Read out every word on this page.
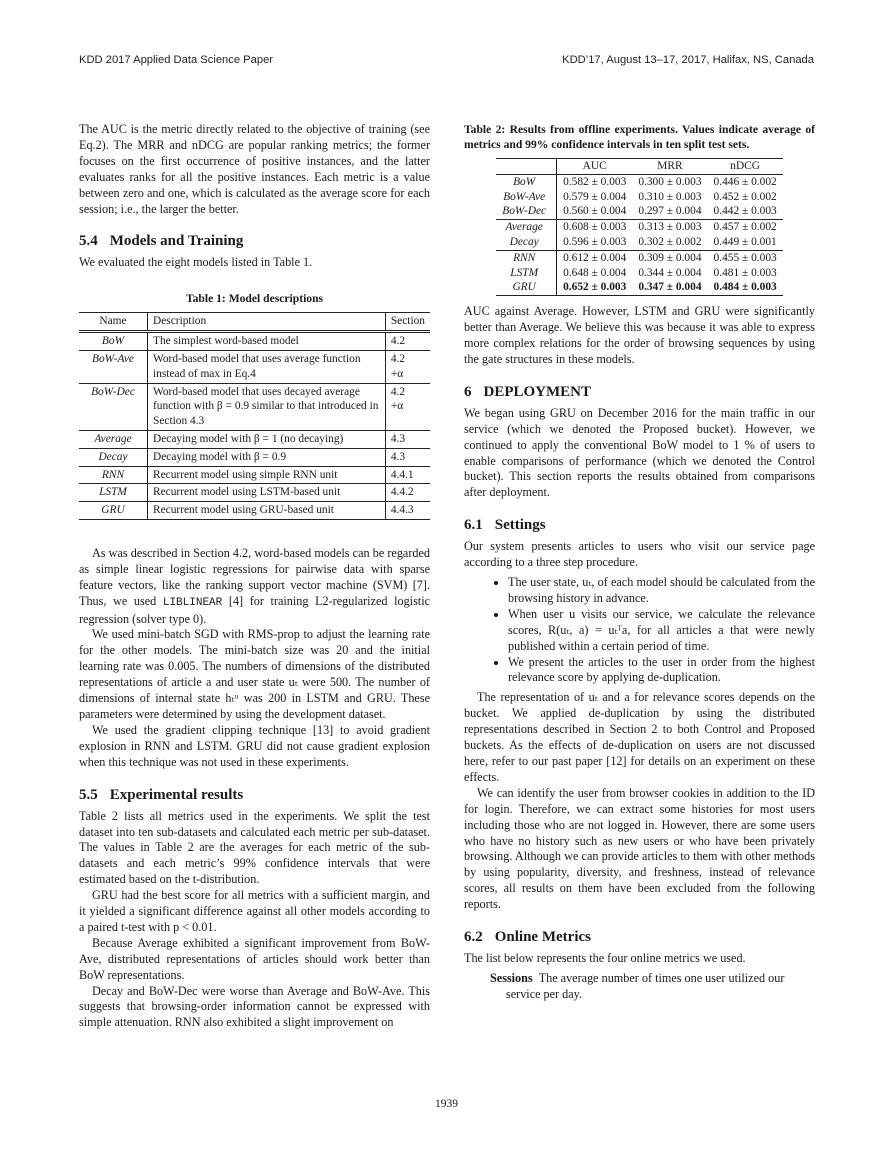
KDD 2017 Applied Data Science Paper	KDD’17, August 13–17, 2017, Halifax, NS, Canada

The AUC is the metric directly related to the objective of training (see Eq.2). The MRR and nDCG are popular ranking metrics; the former focuses on the first occurrence of positive instances, and the latter evaluates ranks for all the positive instances. Each metric is a value between zero and one, which is calculated as the average score for each session; i.e., the larger the better.

5.4 Models and Training

We evaluated the eight models listed in Table 1.

Table 1: Model descriptions
Name	Description	Section
BoW	The simplest word-based model	4.2
BoW-Ave	Word-based model that uses average function instead of max in Eq.4	4.2
+α
BoW-Dec	Word-based model that uses decayed average function with β = 0.9 similar to that introduced in Section 4.3	4.2
+α
Average	Decaying model with β = 1 (no decaying)	4.3
Decay	Decaying model with β = 0.9	4.3
RNN	Recurrent model using simple RNN unit	4.4.1
LSTM	Recurrent model using LSTM-based unit	4.4.2
GRU	Recurrent model using GRU-based unit	4.4.3

As was described in Section 4.2, word-based models can be regarded as simple linear logistic regressions for pairwise data with sparse feature vectors, like the ranking support vector machine (SVM) [7]. Thus, we used LIBLINEAR [4] for training L2-regularized logistic regression (solver type 0).

We used mini-batch SGD with RMS-prop to adjust the learning rate for the other models. The mini-batch size was 20 and the initial learning rate was 0.005. The numbers of dimensions of the distributed representations of article a and user state uₜ were 500. The number of dimensions of internal state hₜᵘ was 200 in LSTM and GRU. These parameters were determined by using the development dataset.

We used the gradient clipping technique [13] to avoid gradient explosion in RNN and LSTM. GRU did not cause gradient explosion when this technique was not used in these experiments.

5.5 Experimental results

Table 2 lists all metrics used in the experiments. We split the test dataset into ten sub-datasets and calculated each metric per sub-dataset. The values in Table 2 are the averages for each metric of the sub-datasets and each metric’s 99% confidence intervals that were estimated based on the t-distribution.

GRU had the best score for all metrics with a sufficient margin, and it yielded a significant difference against all other models according to a paired t-test with p < 0.01.

Because Average exhibited a significant improvement from BoW-Ave, distributed representations of articles should work better than BoW representations.

Decay and BoW-Dec were worse than Average and BoW-Ave. This suggests that browsing-order information cannot be expressed with simple attenuation. RNN also exhibited a slight improvement on

Table 2: Results from offline experiments. Values indicate average of metrics and 99% confidence intervals in ten split test sets.
	AUC	MRR	nDCG
BoW	0.582 ± 0.003	0.300 ± 0.003	0.446 ± 0.002
BoW-Ave	0.579 ± 0.004	0.310 ± 0.003	0.452 ± 0.002
BoW-Dec	0.560 ± 0.004	0.297 ± 0.004	0.442 ± 0.003
Average	0.608 ± 0.003	0.313 ± 0.003	0.457 ± 0.002
Decay	0.596 ± 0.003	0.302 ± 0.002	0.449 ± 0.001
RNN	0.612 ± 0.004	0.309 ± 0.004	0.455 ± 0.003
LSTM	0.648 ± 0.004	0.344 ± 0.004	0.481 ± 0.003
GRU	0.652 ± 0.003	0.347 ± 0.004	0.484 ± 0.003

AUC against Average. However, LSTM and GRU were significantly better than Average. We believe this was because it was able to express more complex relations for the order of browsing sequences by using the gate structures in these models.

6 DEPLOYMENT

We began using GRU on December 2016 for the main traffic in our service (which we denoted the Proposed bucket). However, we continued to apply the conventional BoW model to 1 % of users to enable comparisons of performance (which we denoted the Control bucket). This section reports the results obtained from comparisons after deployment.

6.1 Settings

Our system presents articles to users who visit our service page according to a three step procedure.

• The user state, uₜ, of each model should be calculated from the browsing history in advance.
• When user u visits our service, we calculate the relevance scores, R(uₜ, a) = uₜᵀa, for all articles a that were newly published within a certain period of time.
• We present the articles to the user in order from the highest relevance score by applying de-duplication.

The representation of uₜ and a for relevance scores depends on the bucket. We applied de-duplication by using the distributed representations described in Section 2 to both Control and Proposed buckets. As the effects of de-duplication on users are not discussed here, refer to our past paper [12] for details on an experiment on these effects.

We can identify the user from browser cookies in addition to the ID for login. Therefore, we can extract some histories for most users including those who are not logged in. However, there are some users who have no history such as new users or who have been privately browsing. Although we can provide articles to them with other methods by using popularity, diversity, and freshness, instead of relevance scores, all results on them have been excluded from the following reports.

6.2 Online Metrics

The list below represents the four online metrics we used.

Sessions The average number of times one user utilized our service per day.
1939
